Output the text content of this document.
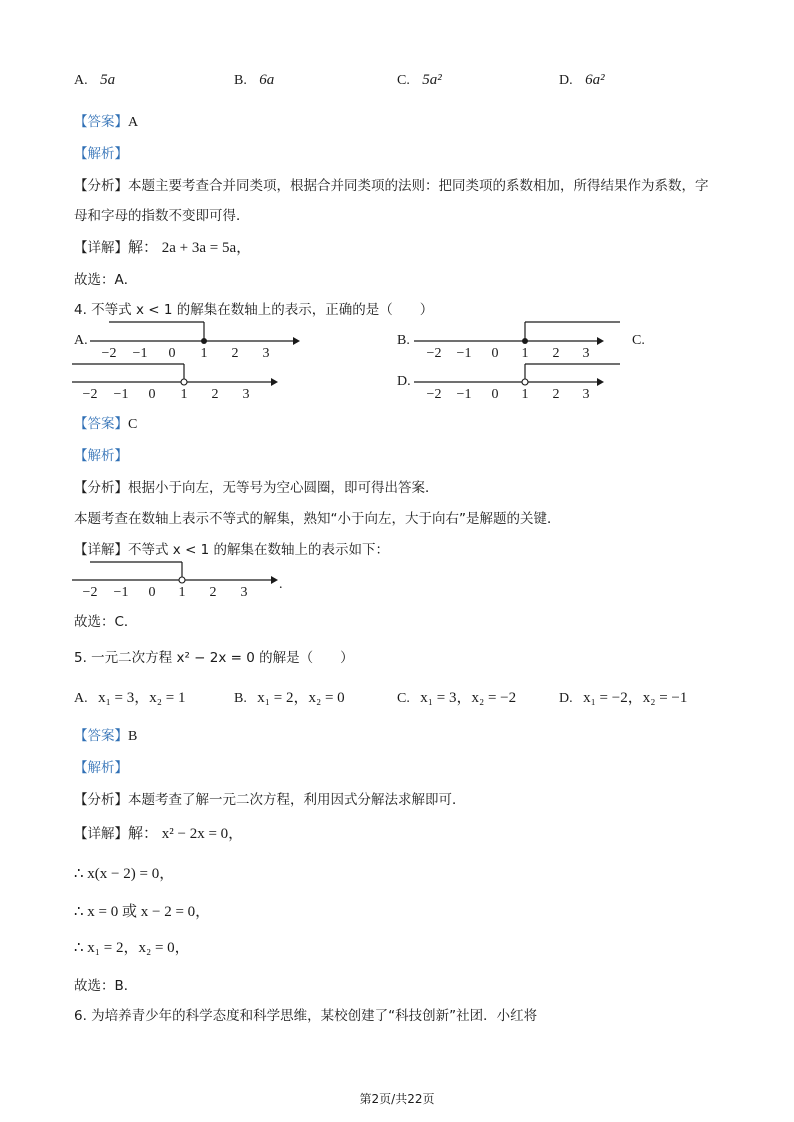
A. 5a	B. 6a	C. 5a²	D. 6a²
【答案】A
【解析】
【分析】本题主要考查合并同类项，根据合并同类项的法则：把同类项的系数相加，所得结果作为系数，字
母和字母的指数不变即可得．
【详解】解： 2a + 3a = 5a，
故选：A．
4. 不等式 x < 1 的解集在数轴上的表示，正确的是（　　）
A.
−2 −1 0 1 2 3
B.
−2 −1 0 1 2 3
C.
−2 −1 0 1 2 3
D.
−2 −1 0 1 2 3
【答案】C
【解析】
【分析】根据小于向左，无等号为空心圆圈，即可得出答案．
本题考查在数轴上表示不等式的解集，熟知“小于向左，大于向右”是解题的关键．
【详解】不等式 x < 1 的解集在数轴上的表示如下：
−2 −1 0 1 2 3
.
故选：C．
5. 一元二次方程 x² − 2x = 0 的解是（　　）
A. x₁ = 3，x₂ = 1	B. x₁ = 2，x₂ = 0	C. x₁ = 3，x₂ = −2	D. x₁ = −2，x₂ = −1
【答案】B
【解析】
【分析】本题考查了解一元二次方程，利用因式分解法求解即可．
【详解】解： x² − 2x = 0，
∴ x(x − 2) = 0，
∴ x = 0 或 x − 2 = 0，
∴ x₁ = 2，x₂ = 0，
故选：B．
6. 为培养青少年的科学态度和科学思维，某校创建了“科技创新”社团．小红将
第2页/共22页
